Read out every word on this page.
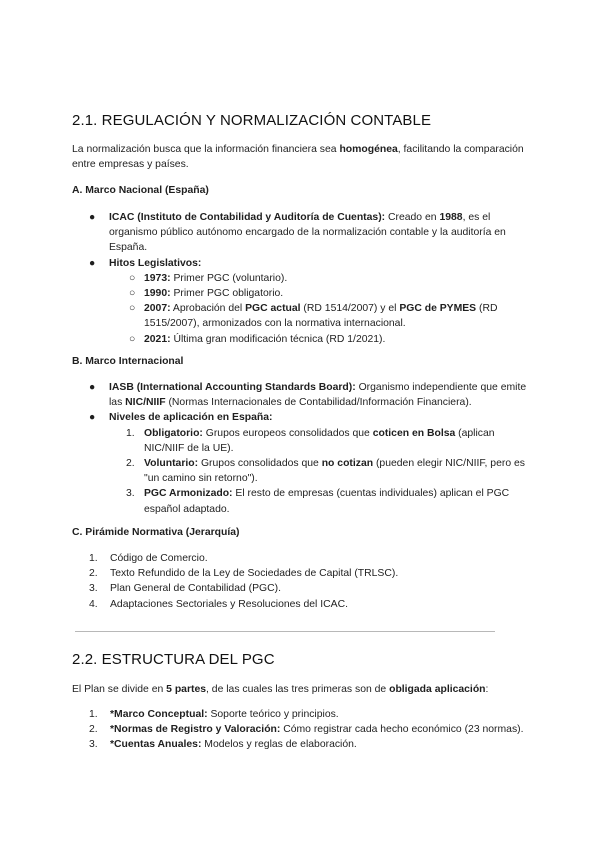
2.1. REGULACIÓN Y NORMALIZACIÓN CONTABLE

La normalización busca que la información financiera sea homogénea, facilitando la comparación entre empresas y países.

A. Marco Nacional (España)
● ICAC (Instituto de Contabilidad y Auditoría de Cuentas): Creado en 1988, es el organismo público autónomo encargado de la normalización contable y la auditoría en España.
● Hitos Legislativos:
○ 1973: Primer PGC (voluntario).
○ 1990: Primer PGC obligatorio.
○ 2007: Aprobación del PGC actual (RD 1514/2007) y el PGC de PYMES (RD 1515/2007), armonizados con la normativa internacional.
○ 2021: Última gran modificación técnica (RD 1/2021).
B. Marco Internacional
● IASB (International Accounting Standards Board): Organismo independiente que emite las NIC/NIIF (Normas Internacionales de Contabilidad/Información Financiera).
● Niveles de aplicación en España:
1. Obligatorio: Grupos europeos consolidados que coticen en Bolsa (aplican NIC/NIIF de la UE).
2. Voluntario: Grupos consolidados que no cotizan (pueden elegir NIC/NIIF, pero es "un camino sin retorno").
3. PGC Armonizado: El resto de empresas (cuentas individuales) aplican el PGC español adaptado.
C. Pirámide Normativa (Jerarquía)
1. Código de Comercio.
2. Texto Refundido de la Ley de Sociedades de Capital (TRLSC).
3. Plan General de Contabilidad (PGC).
4. Adaptaciones Sectoriales y Resoluciones del ICAC.
2.2. ESTRUCTURA DEL PGC

El Plan se divide en 5 partes, de las cuales las tres primeras son de obligada aplicación:

1. *Marco Conceptual: Soporte teórico y principios.
2. *Normas de Registro y Valoración: Cómo registrar cada hecho económico (23 normas).
3. *Cuentas Anuales: Modelos y reglas de elaboración.
